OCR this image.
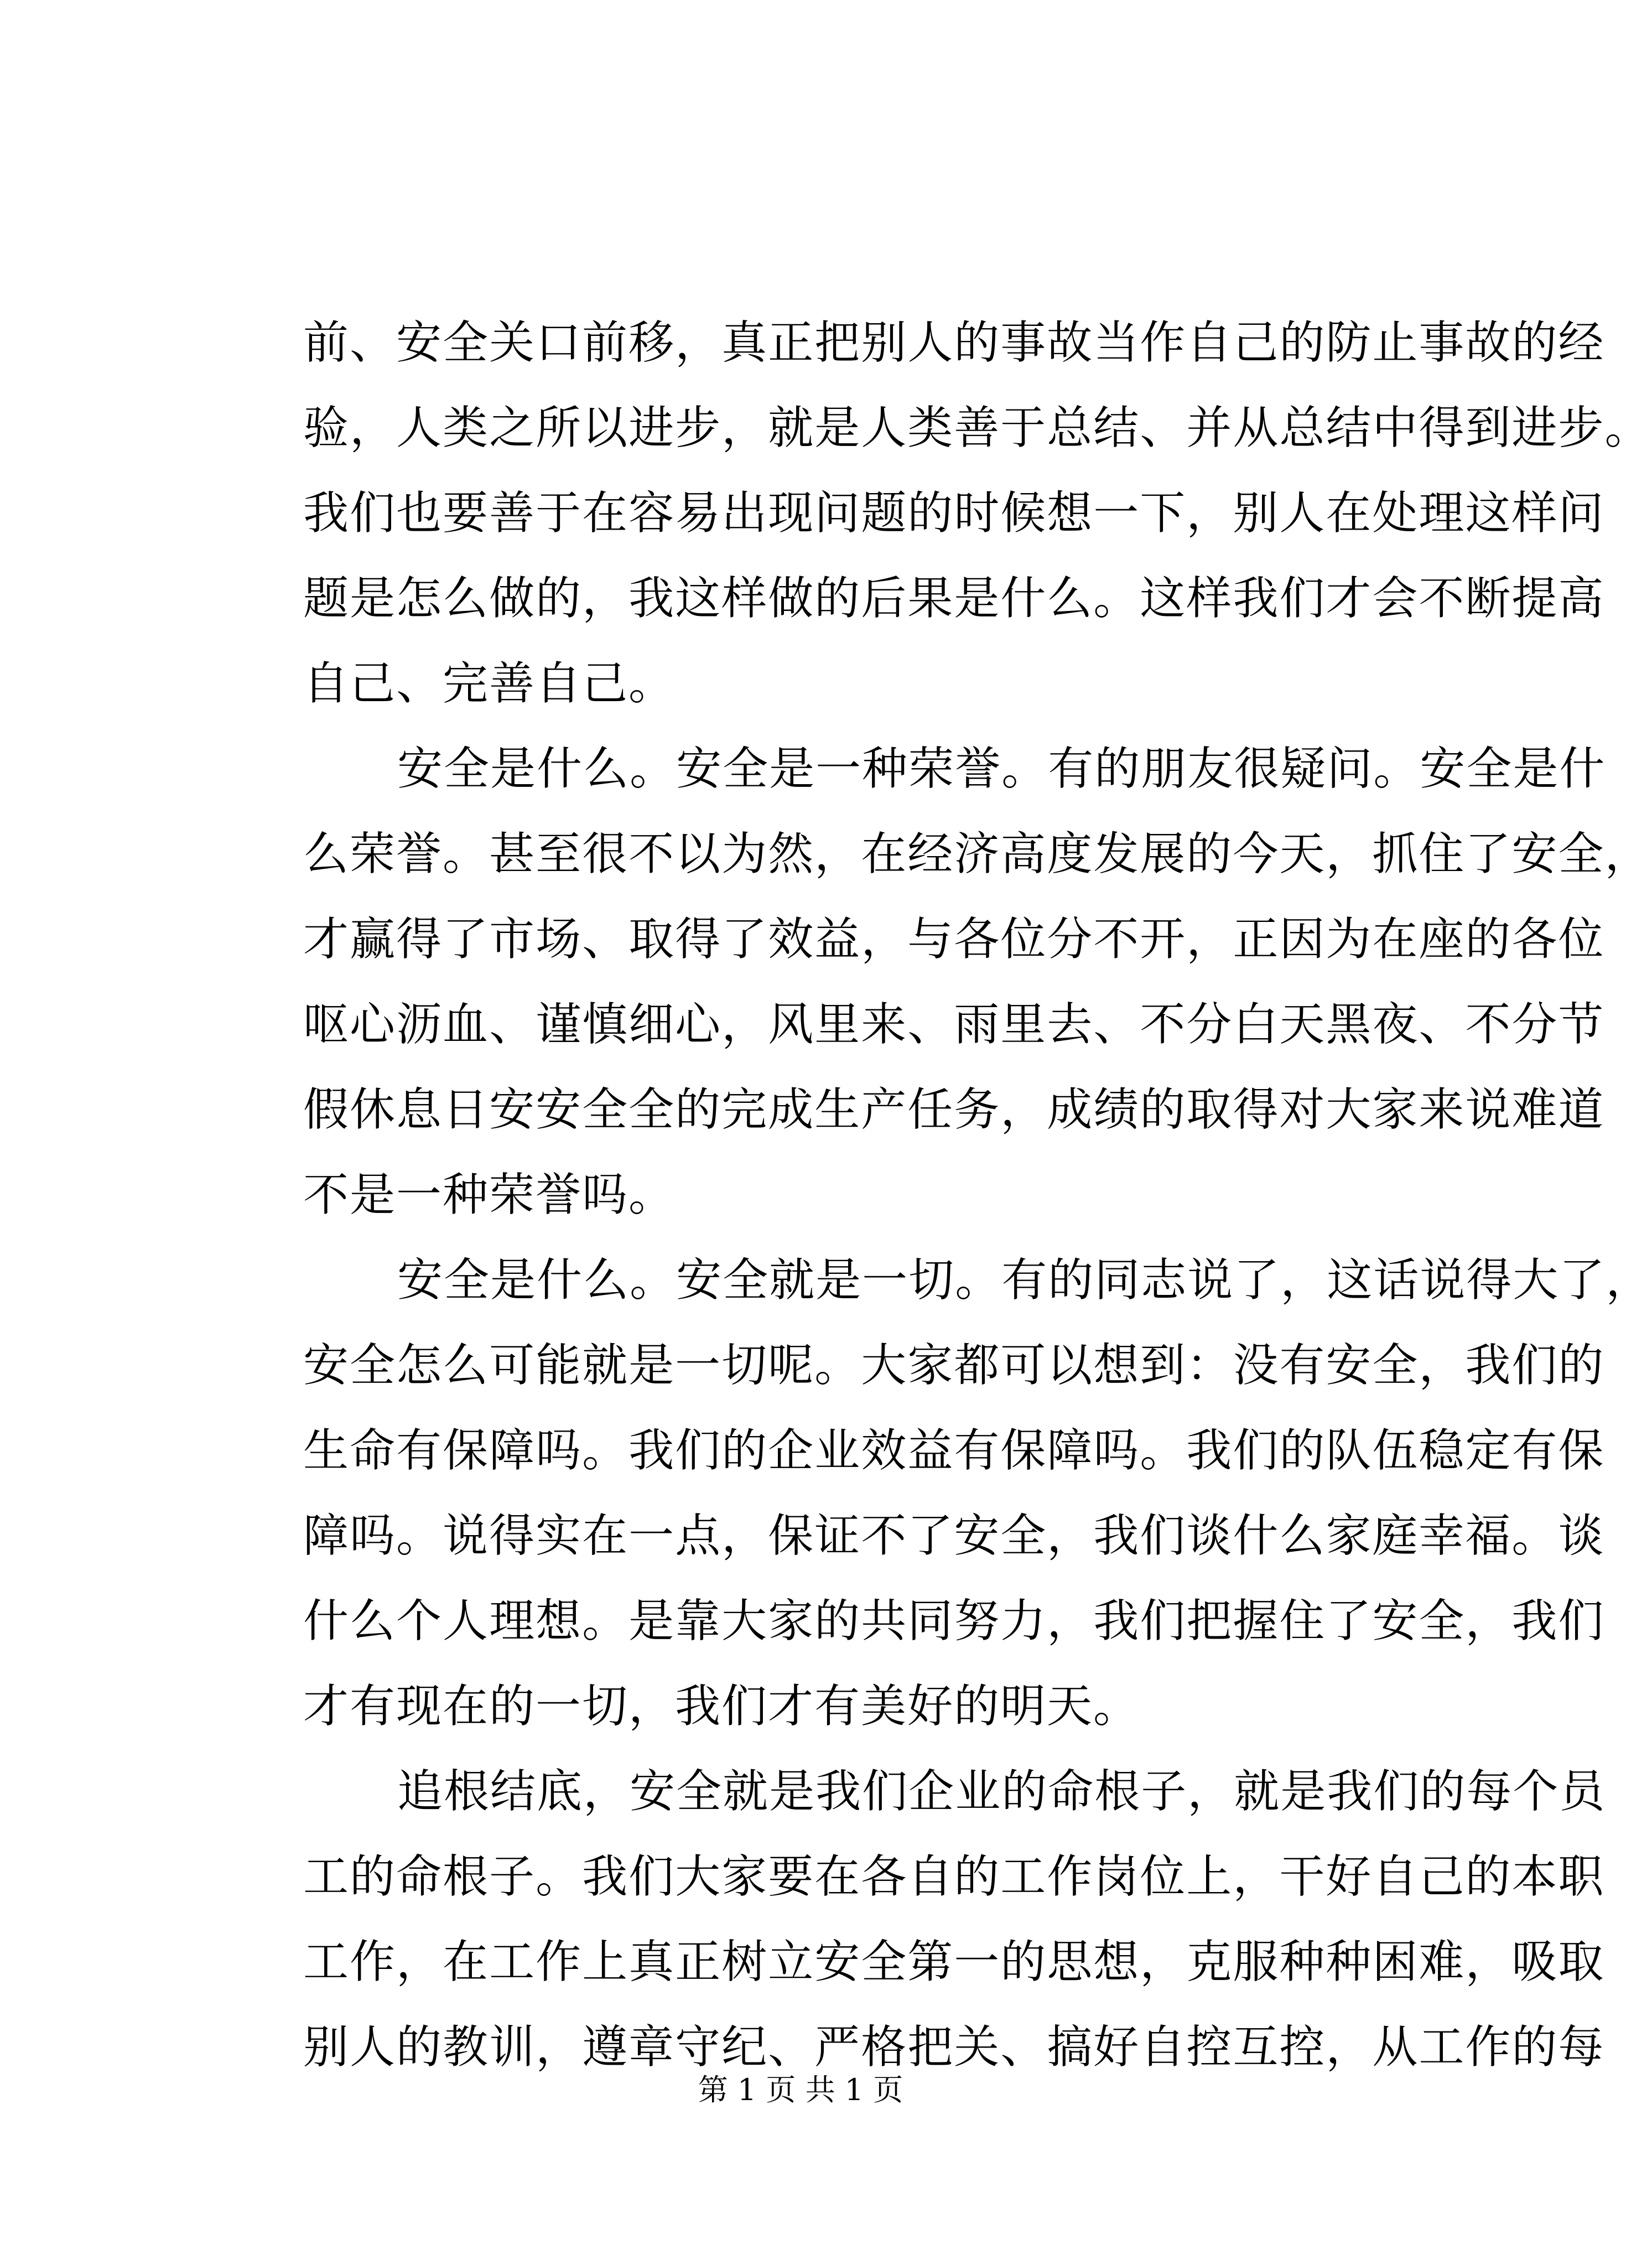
前 、 安 全 关 口 前 移 ， 真 正 把 别 人 的 事 故 当 作 自 己 的 防 止 事 故 的 经
验 ， 人 类 之 所 以 进 步 ， 就 是 人 类 善 于 总 结 、 并 从 总 结 中 得 到 进 步 。
我 们 也 要 善 于 在 容 易 出 现 问 题 的 时 候 想 一 下 ， 别 人 在 处 理 这 样 问
题 是 怎 么 做 的 ， 我 这 样 做 的 后 果 是 什 么 。 这 样 我 们 才 会 不 断 提 高
自己、完善自己。
安 全 是 什 么 。 安 全 是 一 种 荣 誉 。 有 的 朋 友 很 疑 问 。 安 全 是 什
么 荣 誉 。 甚 至 很 不 以 为 然 ， 在 经 济 高 度 发 展 的 今 天 ， 抓 住 了 安 全 ，
才 赢 得 了 市 场 、 取 得 了 效 益 ， 与 各 位 分 不 开 ， 正 因 为 在 座 的 各 位
呕 心 沥 血 、 谨 慎 细 心 ， 风 里 来 、 雨 里 去 、 不 分 白 天 黑 夜 、 不 分 节
假 休 息 日 安 安 全 全 的 完 成 生 产 任 务 ， 成 绩 的 取 得 对 大 家 来 说 难 道
不是一种荣誉吗。
安 全 是 什 么 。 安 全 就 是 一 切 。 有 的 同 志 说 了 ， 这 话 说 得 大 了 ，
安 全 怎 么 可 能 就 是 一 切 呢 。 大 家 都 可 以 想 到 ： 没 有 安 全 ， 我 们 的
生 命 有 保 障 吗 。 我 们 的 企 业 效 益 有 保 障 吗 。 我 们 的 队 伍 稳 定 有 保
障 吗 。 说 得 实 在 一 点 ， 保 证 不 了 安 全 ， 我 们 谈 什 么 家 庭 幸 福 。 谈
什 么 个 人 理 想 。 是 靠 大 家 的 共 同 努 力 ， 我 们 把 握 住 了 安 全 ， 我 们
才有现在的一切，我们才有美好的明天。
追 根 结 底 ， 安 全 就 是 我 们 企 业 的 命 根 子 ， 就 是 我 们 的 每 个 员
工 的 命 根 子 。 我 们 大 家 要 在 各 自 的 工 作 岗 位 上 ， 干 好 自 己 的 本 职
工 作 ， 在 工 作 上 真 正 树 立 安 全 第 一 的 思 想 ， 克 服 种 种 困 难 ， 吸 取
别 人 的 教 训 ， 遵 章 守 纪 、 严 格 把 关 、 搞 好 自 控 互 控 ， 从 工 作 的 每
第 1 页 共 1 页
